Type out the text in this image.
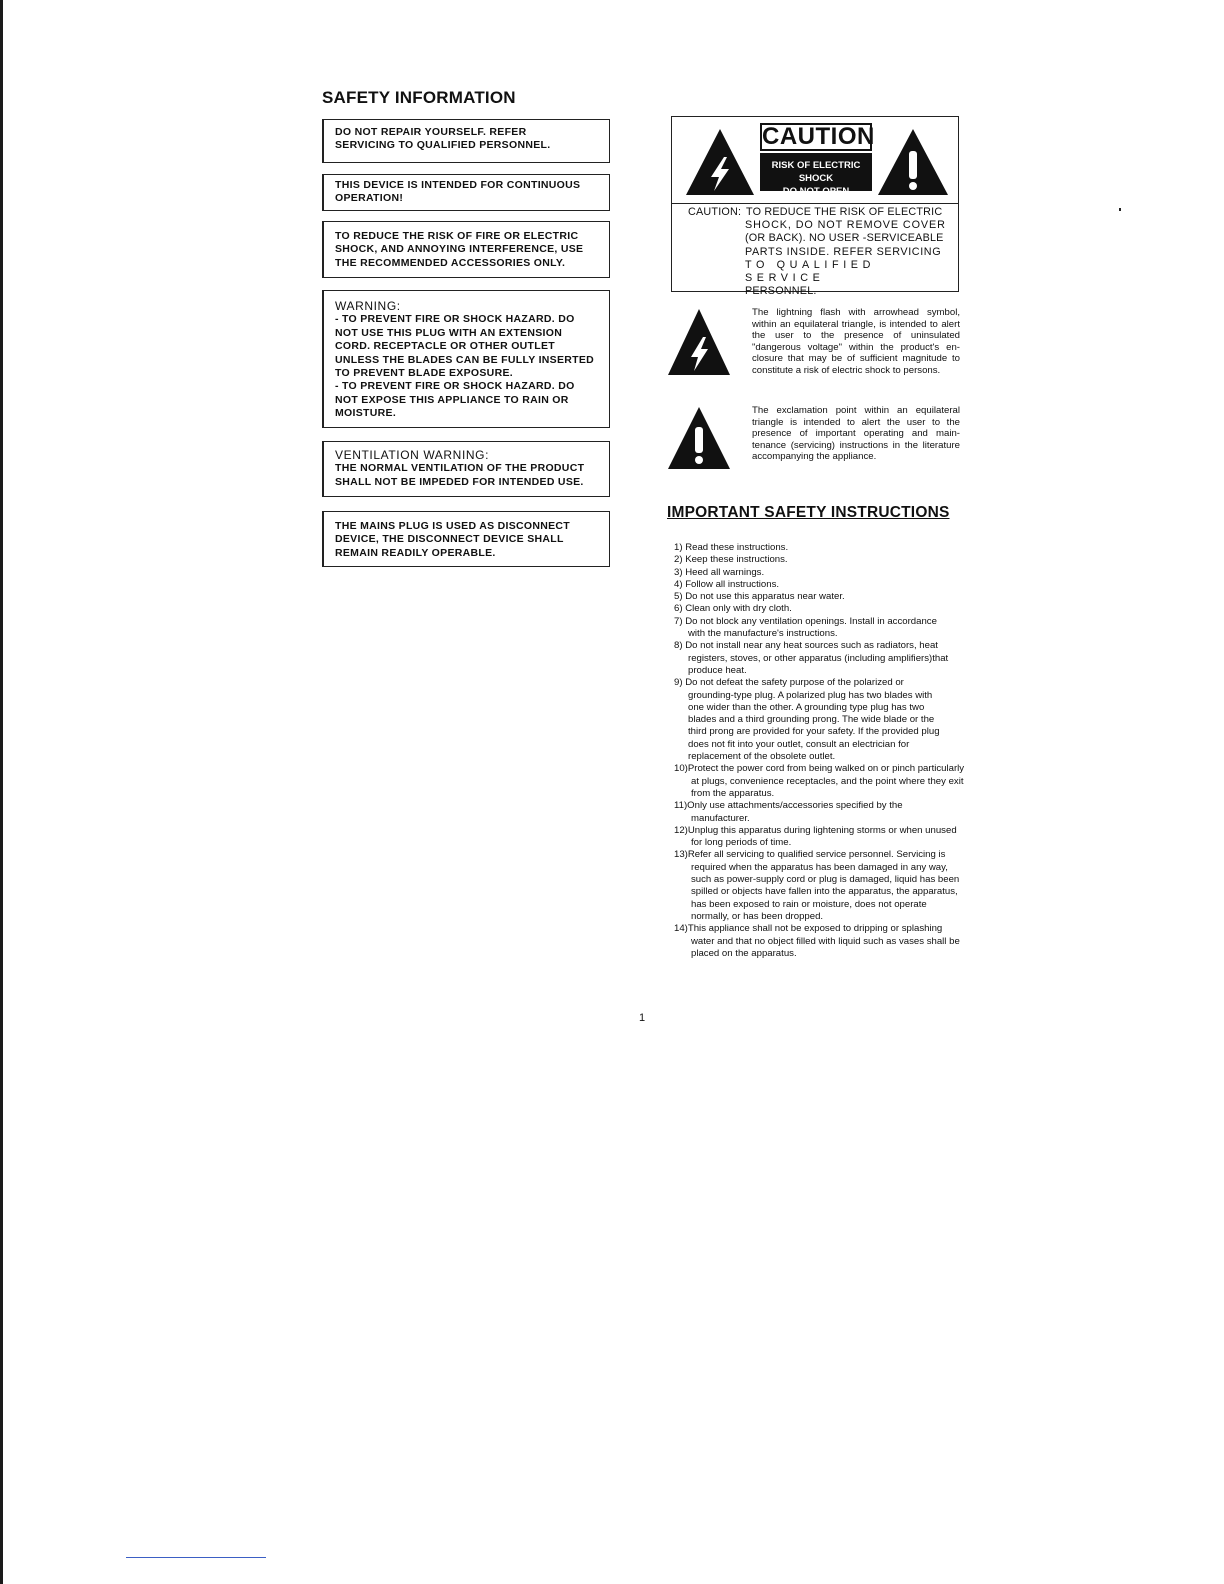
SAFETY INFORMATION
DO NOT REPAIR YOURSELF. REFER
SERVICING TO QUALIFIED PERSONNEL.
THIS DEVICE IS INTENDED FOR CONTINUOUS
OPERATION!
TO REDUCE THE RISK OF FIRE OR ELECTRIC
SHOCK, AND ANNOYING INTERFERENCE, USE
THE RECOMMENDED ACCESSORIES ONLY.
WARNING:
- TO PREVENT FIRE OR SHOCK HAZARD. DO
NOT USE THIS PLUG WITH AN EXTENSION
CORD. RECEPTACLE OR OTHER OUTLET
UNLESS THE BLADES CAN BE FULLY INSERTED
TO PREVENT BLADE EXPOSURE.
- TO PREVENT FIRE OR SHOCK HAZARD. DO
NOT EXPOSE THIS APPLIANCE TO RAIN OR
MOISTURE.
VENTILATION WARNING:
THE NORMAL VENTILATION OF THE PRODUCT
SHALL NOT BE IMPEDED FOR INTENDED USE.
THE MAINS PLUG IS USED AS DISCONNECT
DEVICE, THE DISCONNECT DEVICE SHALL
REMAIN READILY OPERABLE.
CAUTION
RISK OF ELECTRIC SHOCK
DO NOT OPEN
CAUTION: TO REDUCE THE RISK OF ELECTRIC
SHOCK, DO NOT REMOVE COVER
(OR BACK). NO USER -SERVICEABLE
PARTS INSIDE. REFER SERVICING
TO QUALIFIED SERVICE
PERSONNEL.
The lightning flash with arrowhead symbol, within an equilateral triangle, is intended to alert the user to the presence of uninsulated "dangerous voltage" within the product's en-closure that may be of sufficient magnitude to constitute a risk of electric shock to persons.
The exclamation point within an equilateral triangle is intended to alert the user to the presence of important operating and main-tenance (servicing) instructions in the literature accompanying the appliance.
IMPORTANT SAFETY INSTRUCTIONS
1) Read these instructions.
2) Keep these instructions.
3) Heed all warnings.
4) Follow all instructions.
5) Do not use this apparatus near water.
6) Clean only with dry cloth.
7) Do not block any ventilation openings. Install in accordance with the manufacture's instructions.
8) Do not install near any heat sources such as radiators, heat registers, stoves, or other apparatus (including amplifiers)that produce heat.
9) Do not defeat the safety purpose of the polarized or grounding-type plug. A polarized plug has two blades with one wider than the other. A grounding type plug has two blades and a third grounding prong. The wide blade or the third prong are provided for your safety. If the provided plug does not fit into your outlet, consult an electrician for replacement of the obsolete outlet.
10)Protect the power cord from being walked on or pinch particularly at plugs, convenience receptacles, and the point where they exit from the apparatus.
11)Only use attachments/accessories specified by the manufacturer.
12)Unplug this apparatus during lightening storms or when unused for long periods of time.
13)Refer all servicing to qualified service personnel. Servicing is required when the apparatus has been damaged in any way, such as power-supply cord or plug is damaged, liquid has been spilled or objects have fallen into the apparatus, the apparatus, has been exposed to rain or moisture, does not operate normally, or has been dropped.
14)This appliance shall not be exposed to dripping or splashing water and that no object filled with liquid such as vases shall be placed on the apparatus.
1
